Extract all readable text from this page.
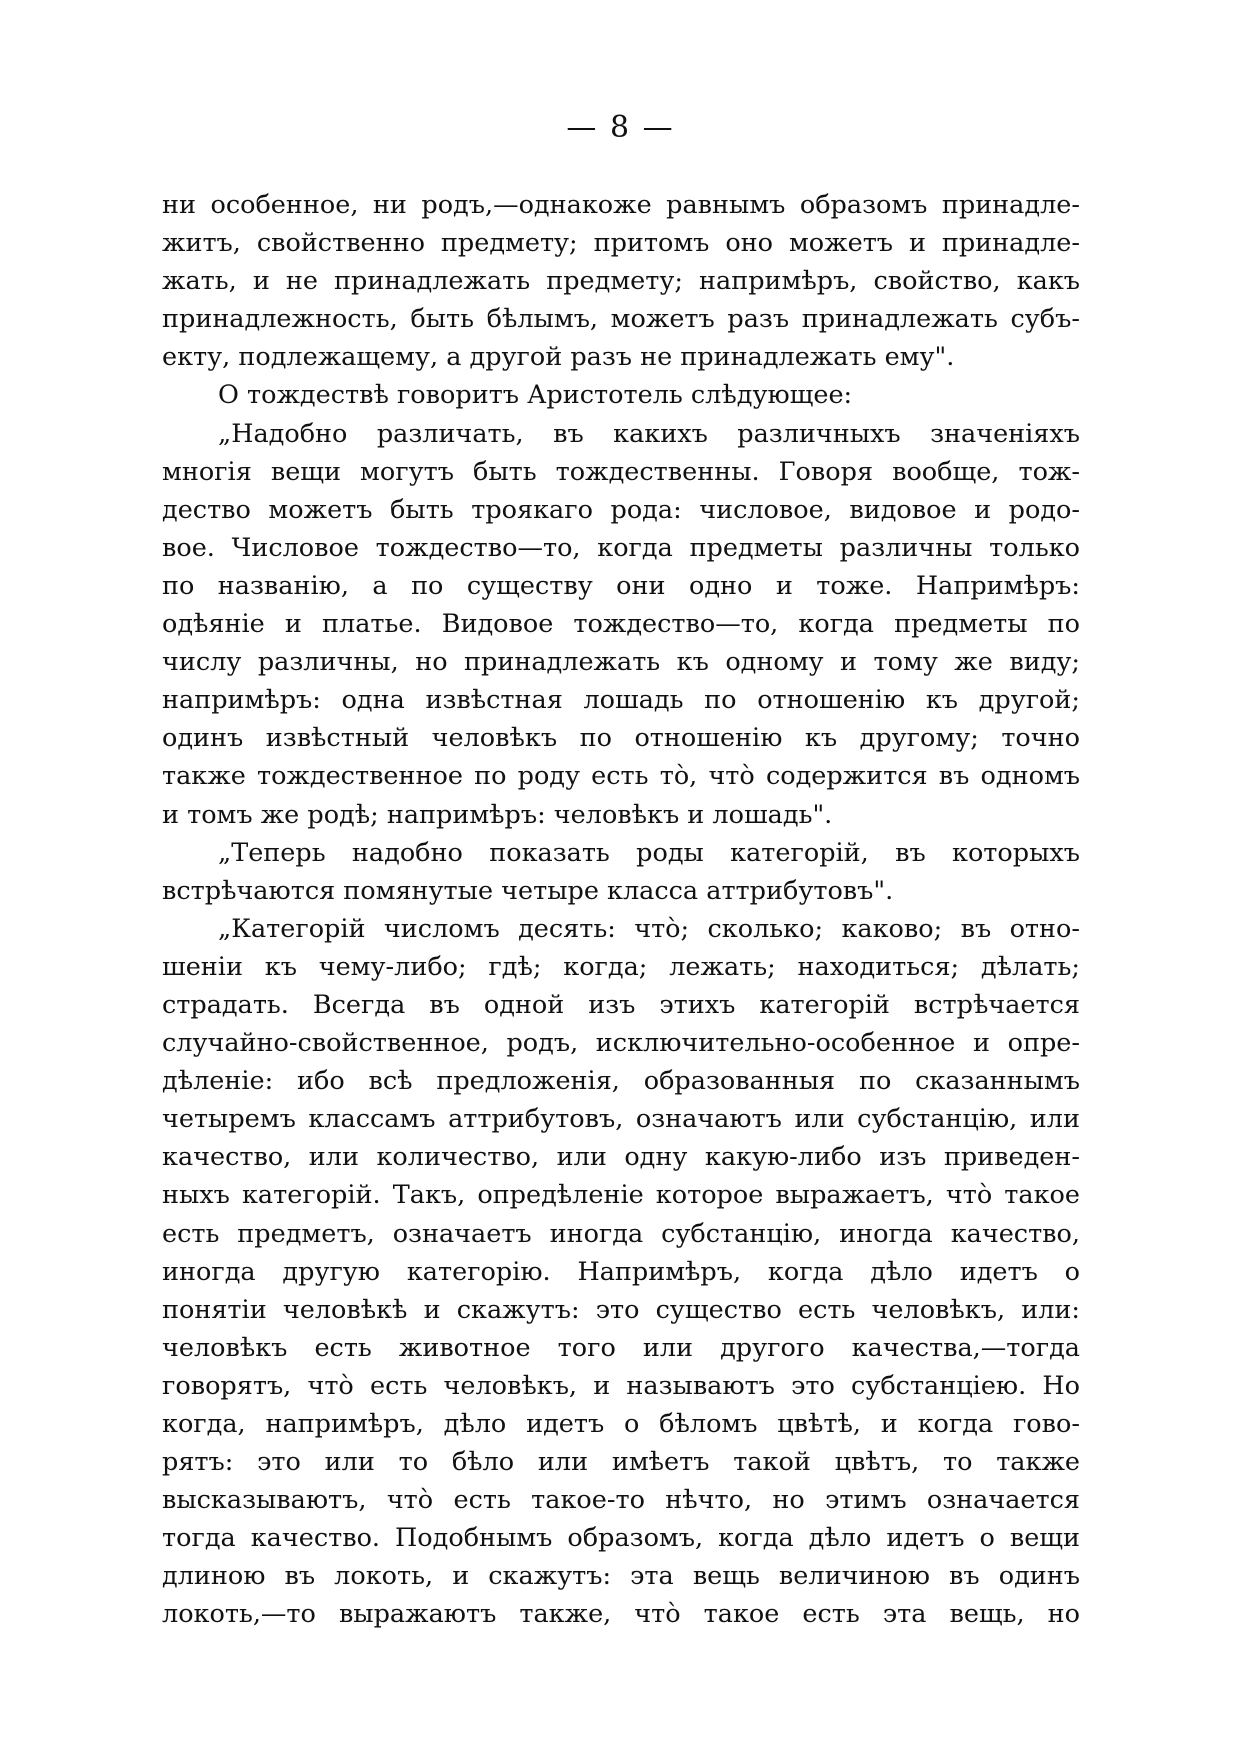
— 8 —
ни особенное, ни родъ,—однакоже равнымъ образомъ принадле-
житъ, свойственно предмету; притомъ оно можетъ и принадле-
жать, и не принадлежать предмету; напримѣръ, свойство, какъ
принадлежность, быть бѣлымъ, можетъ разъ принадлежать субъ-
екту, подлежащему, а другой разъ не принадлежать ему".
О тождествѣ говоритъ Аристотель слѣдующее:
„Надобно различать, въ какихъ различныхъ значеніяхъ
многія вещи могутъ быть тождественны. Говоря вообще, тож-
дество можетъ быть трoякаго рода: числовое, видовое и родо-
вое. Числовое тождество—то, когда предметы различны только
по названію, а по существу они одно и тоже. Напримѣръ:
одѣяніе и платье. Видовое тождество—то, когда предметы по
числу различны, но принадлежать къ одному и тому же виду;
напримѣръ: одна извѣстная лошадь по отношенію къ другой;
одинъ извѣстный человѣкъ по отношенію къ другому; точно
также тождественное по роду есть тò, чтò содержится въ одномъ
и томъ же родѣ; напримѣръ: человѣкъ и лошадь".
„Теперь надобно показать роды категорій, въ которыхъ
встрѣчаются помянутые четыре класса аттрибутовъ".
„Категорій числомъ десять: чтò; сколько; каково; въ отно-
шеніи къ чему-либо; гдѣ; когда; лежать; находиться; дѣлать;
страдать. Всегда въ одной изъ этихъ категорій встрѣчается
случайно-свойственное, родъ, исключительно-особенное и опре-
дѣленіе: ибо всѣ предложенія, образованныя по сказаннымъ
четыремъ классамъ аттрибутовъ, означаютъ или субстанцію, или
качество, или количество, или одну какую-либо изъ приведен-
ныхъ категорій. Такъ, опредѣленіе которое выражаетъ, чтò такое
есть предметъ, означаетъ иногда субстанцію, иногда качество,
иногда другую категорію. Напримѣръ, когда дѣло идетъ о
понятіи человѣкѣ и скажутъ: это существо есть человѣкъ, или:
человѣкъ есть животное того или другого качества,—тогда
говорятъ, чтò есть человѣкъ, и называютъ это субстанціею. Но
когда, напримѣръ, дѣло идетъ о бѣломъ цвѣтѣ, и когда гово-
рятъ: это или то бѣло или имѣетъ такой цвѣтъ, то также
высказываютъ, чтò есть такое-то нѣчто, но этимъ означается
тогда качество. Подобнымъ образомъ, когда дѣло идетъ о вещи
длиною въ локоть, и скажутъ: эта вещь величиною въ одинъ
локоть,—то выражаютъ также, чтò такое есть эта вещь, но
